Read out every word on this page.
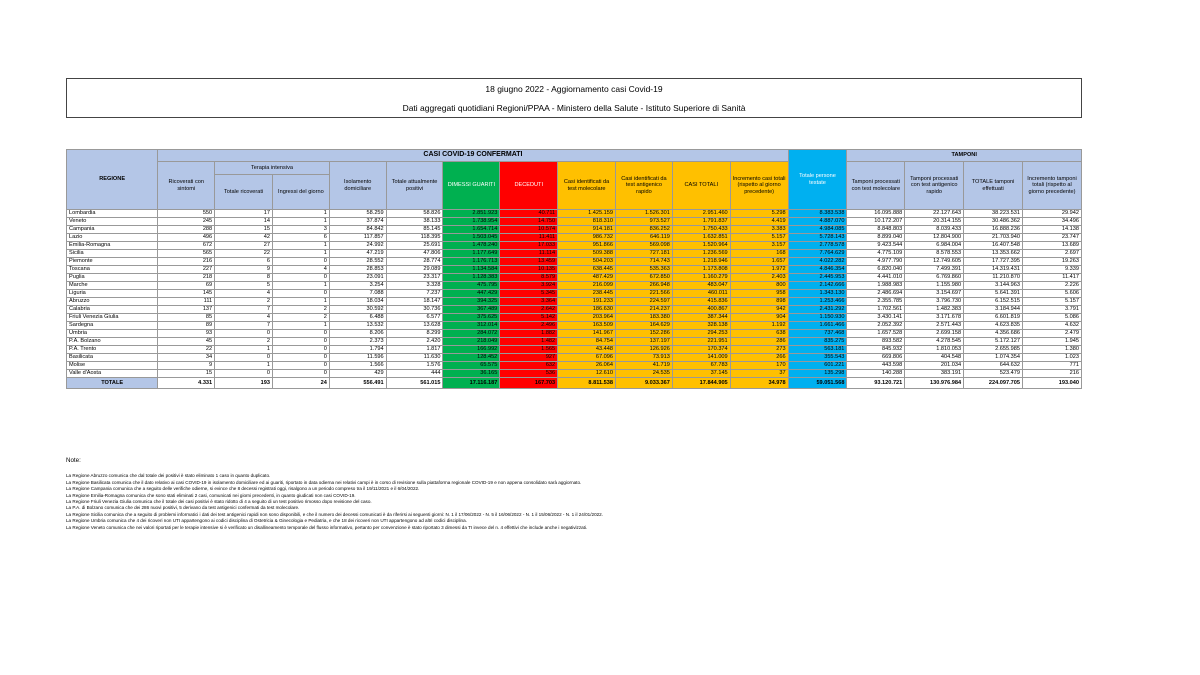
18 giugno 2022 - Aggiornamento casi Covid-19
Dati aggregati quotidiani Regioni/PPAA - Ministero della Salute - Istituto Superiore di Sanità
REGIONE	CASI COVID-19 CONFERMATI											Totale persone testate	TAMPONI			
	Ricoverati con sintomi	Terapia intensiva		Isolamento domiciliare	Totale attualmente positivi	DIMESSI GUARITI	DECEDUTI	Casi identificati da test molecolare	Casi identificati da test antigenico rapido	CASI TOTALI	Incremento casi totali (rispetto al giorno precedente)		Tamponi processati con test molecolare	Tamponi processati con test antigenico rapido	TOTALE tamponi effettuati	Incremento tamponi totali (rispetto al giorno precedente)
		Totale ricoverati	Ingressi del giorno													
Lombardia	550	17	1	58.259	58.826	2.851.923	40.711	1.425.159	1.526.301	2.951.460	5.298	8.383.538	16.095.888	22.127.643	38.223.531	29.942
Veneto	245	14	1	37.874	38.133	1.738.954	14.750	818.310	973.527	1.791.837	4.419	4.887.070	10.172.207	20.314.155	30.486.362	34.496
Campania	288	15	3	84.842	85.145	1.654.714	10.574	914.181	836.252	1.750.433	3.383	4.984.085	8.848.803	8.039.433	16.888.236	14.138
Lazio	496	42	6	117.857	118.395	1.503.045	11.411	986.732	646.119	1.632.851	5.157	5.728.143	8.899.040	12.804.900	21.703.940	23.747
Emilia-Romagna	672	27	1	24.992	25.691	1.478.240	17.033	951.866	569.098	1.520.964	3.157	2.778.578	9.423.544	6.984.004	16.407.548	13.689
Sicilia	565	22	1	47.219	47.806	1.177.649	11.114	509.388	727.181	1.236.569	168	7.764.629	4.775.109	8.578.553	13.353.662	2.697
Piemonte	216	6	0	28.552	28.774	1.176.713	13.459	504.203	714.743	1.218.946	1.657	4.022.282	4.977.790	12.749.605	17.727.395	19.263
Toscana	227	9	4	28.853	29.089	1.134.584	10.135	638.445	535.363	1.173.808	1.972	4.846.354	6.820.040	7.499.391	14.319.431	9.339
Puglia	218	8	0	23.091	23.317	1.128.383	8.579	487.429	672.850	1.160.279	2.403	2.445.953	4.441.010	6.769.860	11.210.870	11.417
Marche	69	5	1	3.254	3.328	475.795	3.924	216.099	266.948	483.047	800	2.142.666	1.988.983	1.155.980	3.144.963	2.226
Liguria	145	4	0	7.088	7.237	447.429	5.345	238.445	221.566	460.011	958	1.343.130	2.486.694	3.154.697	5.641.391	5.606
Abruzzo	111	2	1	18.034	18.147	394.325	3.364	191.233	224.597	415.836	898	1.253.466	2.355.785	3.796.730	6.152.515	5.157
Calabria	137	7	2	30.592	30.736	367.489	2.642	186.630	214.237	400.867	942	2.431.292	1.702.561	1.482.383	3.184.944	3.791
Friuli Venezia Giulia	85	4	2	6.488	6.577	375.625	5.142	203.964	183.380	387.344	904	1.150.930	3.430.141	3.171.678	6.601.819	5.086
Sardegna	89	7	1	13.532	13.628	312.014	2.496	163.509	164.629	328.138	1.192	1.661.466	2.052.392	2.571.443	4.623.835	4.632
Umbria	93	0	0	8.206	8.299	284.072	1.882	141.967	152.286	294.253	638	737.468	1.657.528	2.699.158	4.356.686	2.479
P.A. Bolzano	45	2	0	2.373	2.420	218.049	1.482	84.754	137.197	221.951	286	835.275	893.582	4.278.545	5.172.127	1.945
P.A. Trento	22	1	0	1.794	1.817	166.992	1.565	43.448	126.926	170.374	273	563.181	845.932	1.810.053	2.655.985	1.380
Basilicata	34	0	0	11.596	11.630	128.452	927	67.096	73.913	141.009	266	355.543	669.806	404.548	1.074.354	1.023
Molise	9	1	0	1.566	1.576	65.575	632	26.064	41.719	67.783	170	601.221	443.598	201.034	644.632	771
Valle d'Aosta	15	0	0	429	444	36.165	536	12.610	24.535	37.145	37	135.298	140.288	383.191	523.479	216
TOTALE	4.331	193	24	556.491	561.015	17.116.187	167.703	8.811.538	9.033.367	17.844.905	34.978	59.051.568	93.120.721	130.976.984	224.097.705	193.040
Note:
La Regione Abruzzo comunica che dal totale dei positivi è stato eliminato 1 caso in quanto duplicato.
La Regione Basilicata comunica che il dato relativo ai casi COVID-19 in isolamento domiciliare ed ai guariti, riportato in data odierna nei relativi campi è in corso di revisione sulla piattaforma regionale COVID-19 e non appena consolidato sarà aggiornato.
La Regione Campania comunica che a seguito delle verifiche odierne, si evince che 8 decessi registrati oggi, risalgono a un periodo compreso tra il 19/11/2021 e il 6/04/2022.
La Regione Emilia-Romagna comunica che sono stati eliminati 2 casi, comunicati nei giorni precedenti, in quanto giudicati non casi COVID-19.
La Regione Friuli Venezia Giulia comunica che il totale dei casi positivi è stato ridotto di 4 a seguito di un test positivo rimosso dopo revisione del caso.
La P.A. di Bolzano comunica che dei 286 nuovi positivi, 5 derivano da test antigenici confermati da test molecolare.
La Regione Sicilia comunica che a seguito di problemi informatici i dati dei test antigenici rapidi non sono disponibili, e che il numero dei decessi comunicati è da riferirsi ai seguenti giorni: N. 1 il 17/06/2022 - N. 5 il 16/06/2022 - N. 1 il 15/06/2022 - N. 1 il 24/01/2022.
La Regione Umbria comunica che 4 dei ricoveri non UTI appartengono ai codici disciplina di Ostetricia & Ginecologia e Pediatria, e che 18 dei ricoveri non UTI appartengono ad altri codici disciplina.
La Regione Veneto comunica che nei valori riportati per le terapie intensive si è verificato un disallineamento temporale del flusso informativo, pertanto per convenzione è stato riportato 3 dimessi da TI invece del n. 4 effettivi che include anche i negativizzati.
